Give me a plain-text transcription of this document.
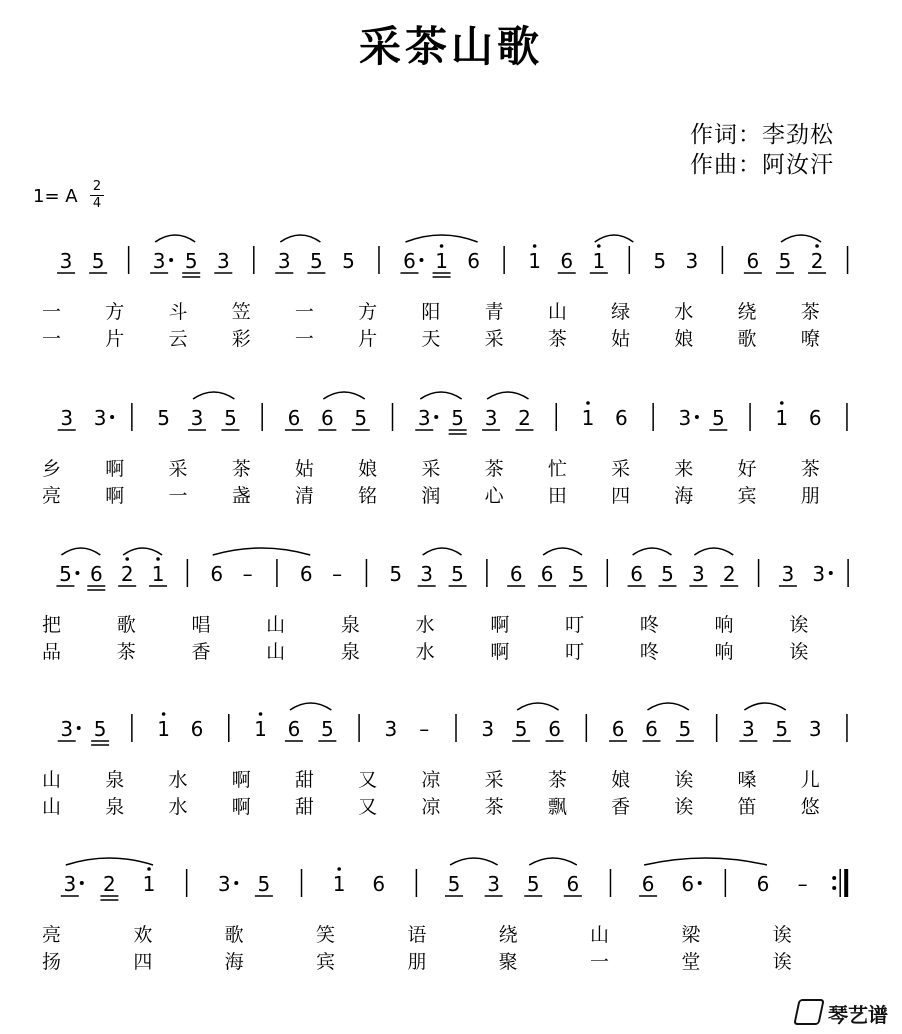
采茶山歌
作词：李劲松
作曲：阿汝汗
1= A 2
4
3 5 3 5 3 3 5 5 6 1 6 1 6 1 5 3 6 5 2
3 3	5 3 5	6 6 5	3 5 3 2	1 6	3 5	1 6
5 6 2 1 6 – 6 – 5 3 5 6 6 5 6 5 3 2 3 3
3 5	1 6	1 6 5	3 –	3 5 6	6 6 5	3 5 3
3 2 1	3 5	1 6	5 3 5 6	6 6	6 –
一 方 斗 笠 一 方 阳 青 山 绿 水 绕 茶
一 片 云 彩 一 片 天 采 茶 姑 娘 歌 嘹
乡 啊 采 茶 姑 娘 采 茶 忙 采 来 好 茶
亮 啊 一 盏 清 铭 润 心 田 四 海 宾 朋
把	歌	唱	山	泉	水	啊	叮	咚	响	诶
品	茶	香	山	泉	水	啊	叮	咚	响	诶
山 泉 水 啊 甜 又 凉 采 茶 娘 诶 嗓 儿
山 泉 水 啊 甜 又 凉 茶 飘 香 诶 笛 悠
亮	欢	歌	笑	语	绕	山	梁	诶
扬	四	海	宾	朋	聚	一	堂	诶
琴艺谱
